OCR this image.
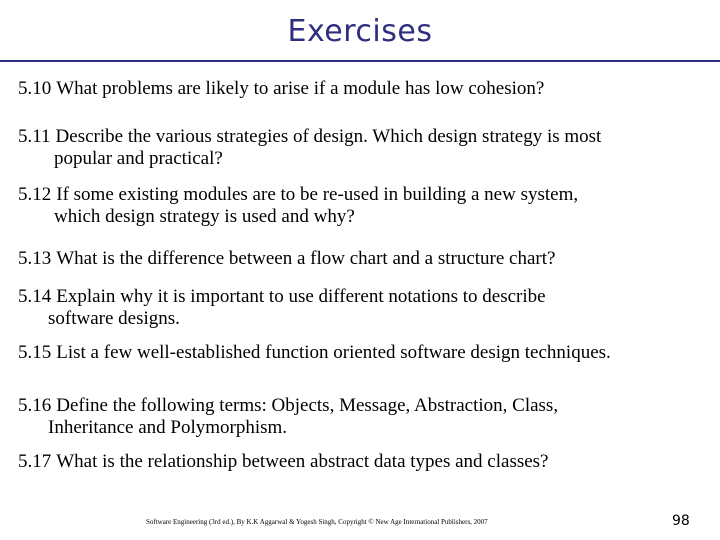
Exercises
5.10 What problems are likely to arise if a module has low cohesion?
5.11 Describe the various strategies of design. Which design strategy is most
popular and practical?
5.12 If some existing modules are to be re-used in building a new system,
which design strategy is used and why?
5.13 What is the difference between a flow chart and a structure chart?
5.14 Explain why it is important to use different notations to describe
software designs.
5.15 List a few well-established function oriented software design techniques.
5.16 Define the following terms: Objects, Message, Abstraction, Class,
Inheritance and Polymorphism.
5.17 What is the relationship between abstract data types and classes?
Software Engineering (3rd ed.), By K.K Aggarwal & Yogesh Singh, Copyright © New Age International Publishers, 2007	98
